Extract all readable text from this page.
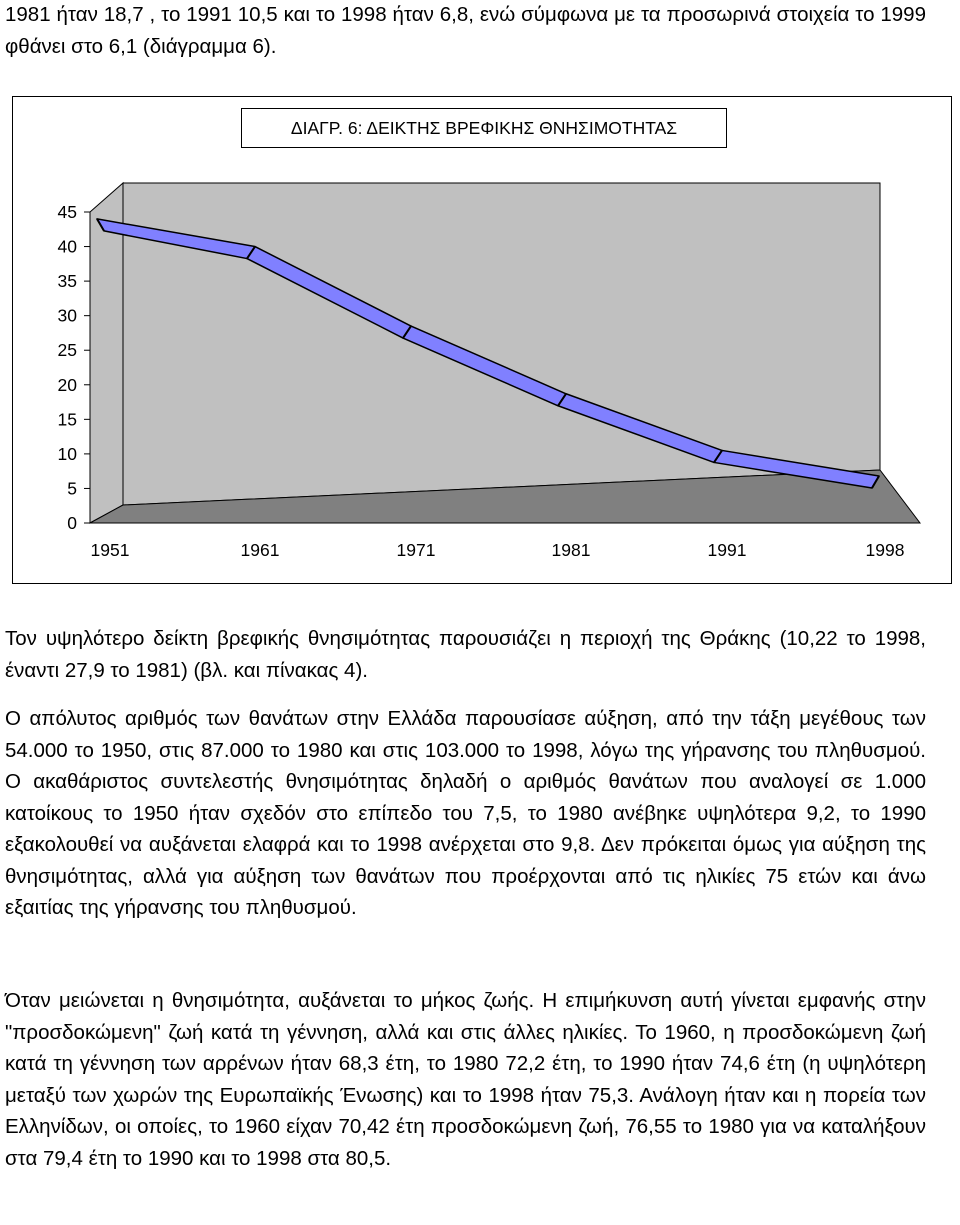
1981 ήταν 18,7 , το 1991 10,5 και το 1998 ήταν 6,8, ενώ σύμφωνα με τα προσωρινά στοιχεία το 1999 φθάνει στο 6,1 (διάγραμμα 6).

0
5
10
15
20
25
30
35
40
45
1951	1961	1971	1981	1991	1998
ΔΙΑΓΡ. 6: ΔΕΙΚΤΗΣ ΒΡΕΦΙΚΗΣ ΘΝΗΣΙΜΟΤΗΤΑΣ

Τον υψηλότερο δείκτη βρεφικής θνησιμότητας παρουσιάζει η περιοχή της Θράκης (10,22 το 1998, έναντι 27,9 το 1981) (βλ. και πίνακας 4).

Ο απόλυτος αριθμός των θανάτων στην Ελλάδα παρουσίασε αύξηση, από την τάξη μεγέθους των 54.000 το 1950, στις 87.000 το 1980 και στις 103.000 το 1998, λόγω της γήρανσης του πληθυσμού. Ο ακαθάριστος συντελεστής θνησιμότητας δηλαδή ο αριθμός θανάτων που αναλογεί σε 1.000 κατοίκους το 1950 ήταν σχεδόν στο επίπεδο του 7,5, το 1980 ανέβηκε υψηλότερα 9,2, το 1990 εξακολουθεί να αυξάνεται ελαφρά και το 1998 ανέρχεται στο 9,8. Δεν πρόκειται όμως για αύξηση της θνησιμότητας, αλλά για αύξηση των θανάτων που προέρχονται από τις ηλικίες 75 ετών και άνω εξαιτίας της γήρανσης του πληθυσμού.

Όταν μειώνεται η θνησιμότητα, αυξάνεται το μήκος ζωής. Η επιμήκυνση αυτή γίνεται εμφανής στην "προσδοκώμενη" ζωή κατά τη γέννηση, αλλά και στις άλλες ηλικίες. Το 1960, η προσδοκώμενη ζωή κατά τη γέννηση των αρρένων ήταν 68,3 έτη, το 1980 72,2 έτη, το 1990 ήταν 74,6 έτη (η υψηλότερη μεταξύ των χωρών της Ευρωπαϊκής Ένωσης) και το 1998 ήταν 75,3. Ανάλογη ήταν και η πορεία των Ελληνίδων, οι οποίες, το 1960 είχαν 70,42 έτη προσδοκώμενη ζωή, 76,55 το 1980 για να καταλήξουν στα 79,4 έτη το 1990 και το 1998 στα 80,5.
